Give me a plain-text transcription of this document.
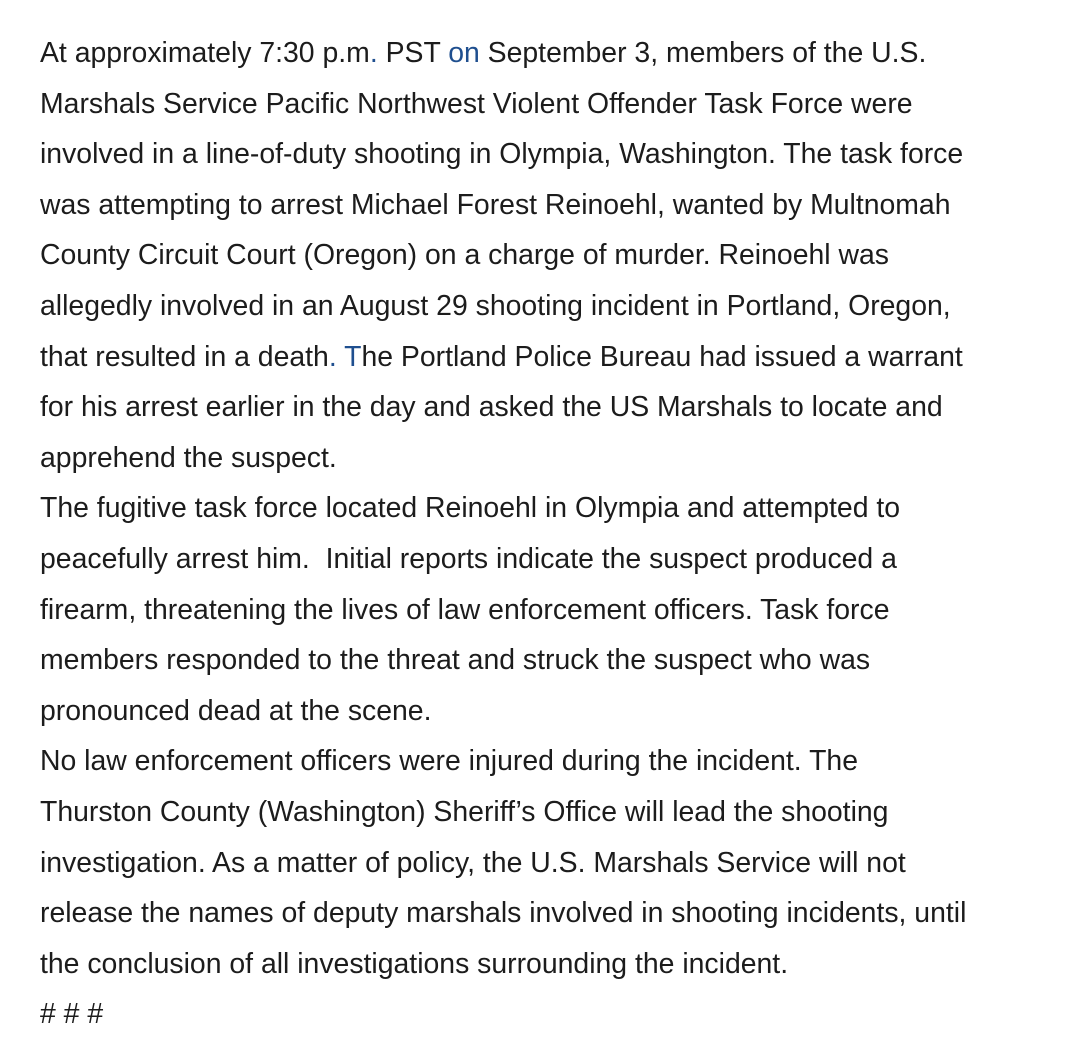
At approximately 7:30 p.m. PST on September 3, members of the U.S.
Marshals Service Pacific Northwest Violent Offender Task Force were
involved in a line-of-duty shooting in Olympia, Washington. The task force
was attempting to arrest Michael Forest Reinoehl, wanted by Multnomah
County Circuit Court (Oregon) on a charge of murder. Reinoehl was
allegedly involved in an August 29 shooting incident in Portland, Oregon,
that resulted in a death. The Portland Police Bureau had issued a warrant
for his arrest earlier in the day and asked the US Marshals to locate and
apprehend the suspect.
The fugitive task force located Reinoehl in Olympia and attempted to
peacefully arrest him.  Initial reports indicate the suspect produced a
firearm, threatening the lives of law enforcement officers. Task force
members responded to the threat and struck the suspect who was
pronounced dead at the scene.
No law enforcement officers were injured during the incident. The
Thurston County (Washington) Sheriff’s Office will lead the shooting
investigation. As a matter of policy, the U.S. Marshals Service will not
release the names of deputy marshals involved in shooting incidents, until
the conclusion of all investigations surrounding the incident.
# # #
